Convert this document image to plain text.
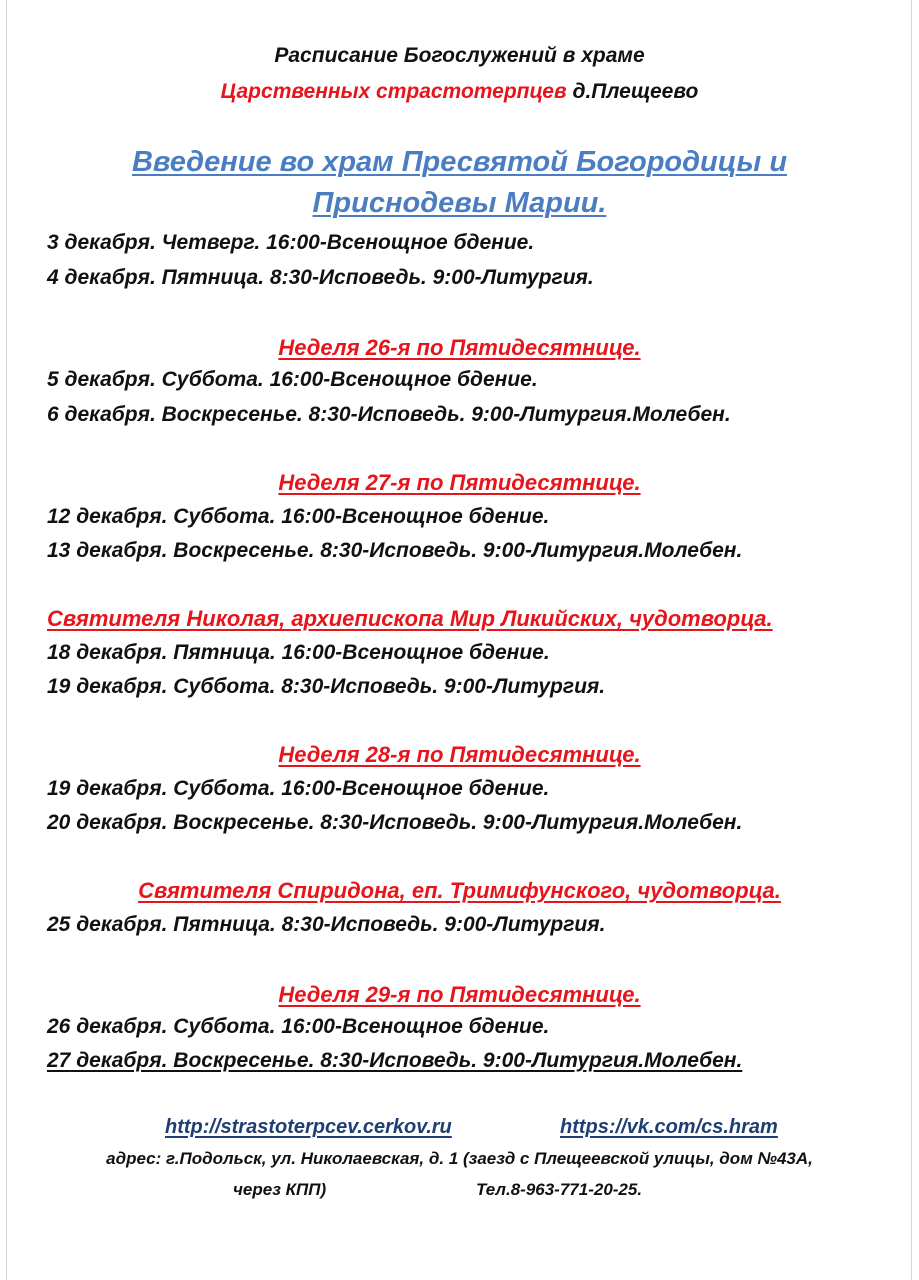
Расписание Богослужений в храме
Царственных страстотерпцев д.Плещеево
Введение во храм Пресвятой Богородицы и
Приснодевы Марии.
3 декабря. Четверг. 16:00-Всенощное бдение.
4 декабря. Пятница. 8:30-Исповедь. 9:00-Литургия.
Неделя 26-я по Пятидесятнице.
5 декабря. Суббота. 16:00-Всенощное бдение.
6 декабря. Воскресенье. 8:30-Исповедь. 9:00-Литургия.Молебен.
Неделя 27-я по Пятидесятнице.
12 декабря. Суббота. 16:00-Всенощное бдение.
13 декабря. Воскресенье. 8:30-Исповедь. 9:00-Литургия.Молебен.
Святителя Николая, архиепископа Мир Ликийских, чудотворца.
18 декабря. Пятница. 16:00-Всенощное бдение.
19 декабря. Суббота. 8:30-Исповедь. 9:00-Литургия.
Неделя 28-я по Пятидесятнице.
19 декабря. Суббота. 16:00-Всенощное бдение.
20 декабря. Воскресенье. 8:30-Исповедь. 9:00-Литургия.Молебен.
Святителя Спиридона, еп. Тримифунского, чудотворца.
25 декабря. Пятница. 8:30-Исповедь. 9:00-Литургия.
Неделя 29-я по Пятидесятнице.
26 декабря. Суббота. 16:00-Всенощное бдение.
27 декабря. Воскресенье. 8:30-Исповедь. 9:00-Литургия.Молебен.
http://strastoterpcev.cerkov.ru	https://vk.com/cs.hram
адрес: г.Подольск, ул. Николаевская, д. 1 (заезд с Плещеевской улицы, дом №43А,
через КПП)	Тел.8-963-771-20-25.
